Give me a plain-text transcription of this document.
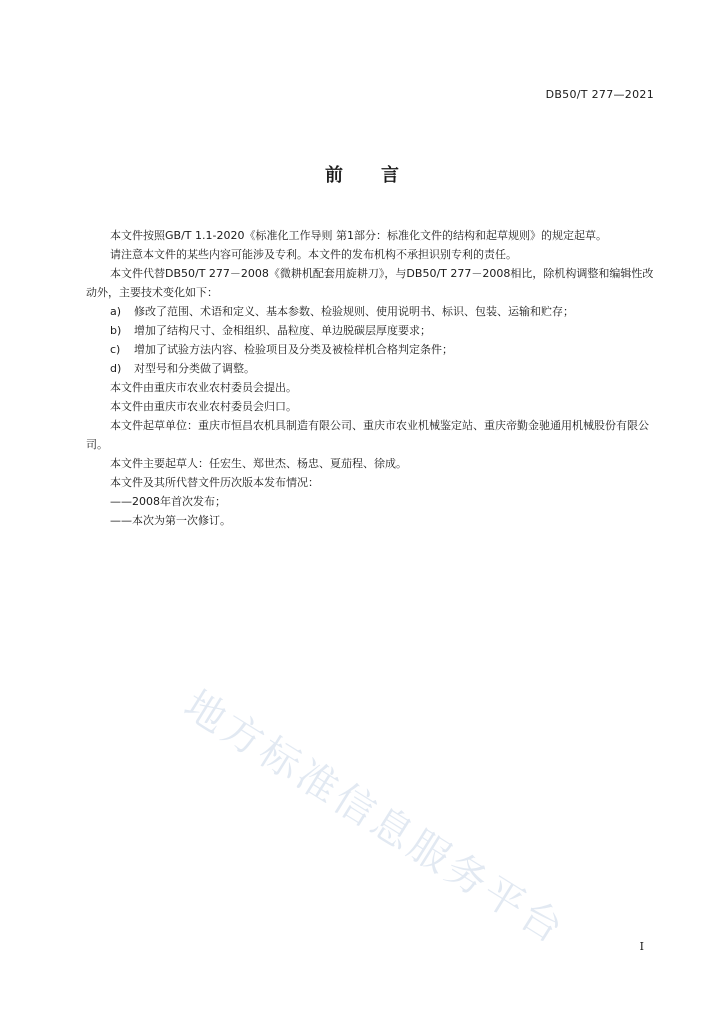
DB50/T 277—2021
前言

本文件按照GB/T 1.1-2020《标准化工作导则 第1部分：标准化文件的结构和起草规则》的规定起草。

请注意本文件的某些内容可能涉及专利。本文件的发布机构不承担识别专利的责任。

本文件代替DB50/T 277－2008《微耕机配套用旋耕刀》，与DB50/T 277－2008相比，除机构调整和编辑性改动外，主要技术变化如下：

a) 修改了范围、术语和定义、基本参数、检验规则、使用说明书、标识、包装、运输和贮存；

b) 增加了结构尺寸、金相组织、晶粒度、单边脱碳层厚度要求；

c) 增加了试验方法内容、检验项目及分类及被检样机合格判定条件；

d) 对型号和分类做了调整。

本文件由重庆市农业农村委员会提出。

本文件由重庆市农业农村委员会归口。

本文件起草单位：重庆市恒昌农机具制造有限公司、重庆市农业机械鉴定站、重庆帝勤金驰通用机械股份有限公司。

本文件主要起草人：任宏生、郑世杰、杨忠、夏茄程、徐成。

本文件及其所代替文件历次版本发布情况：

——2008年首次发布；

——本次为第一次修订。

地方标准信息服务平台	I
